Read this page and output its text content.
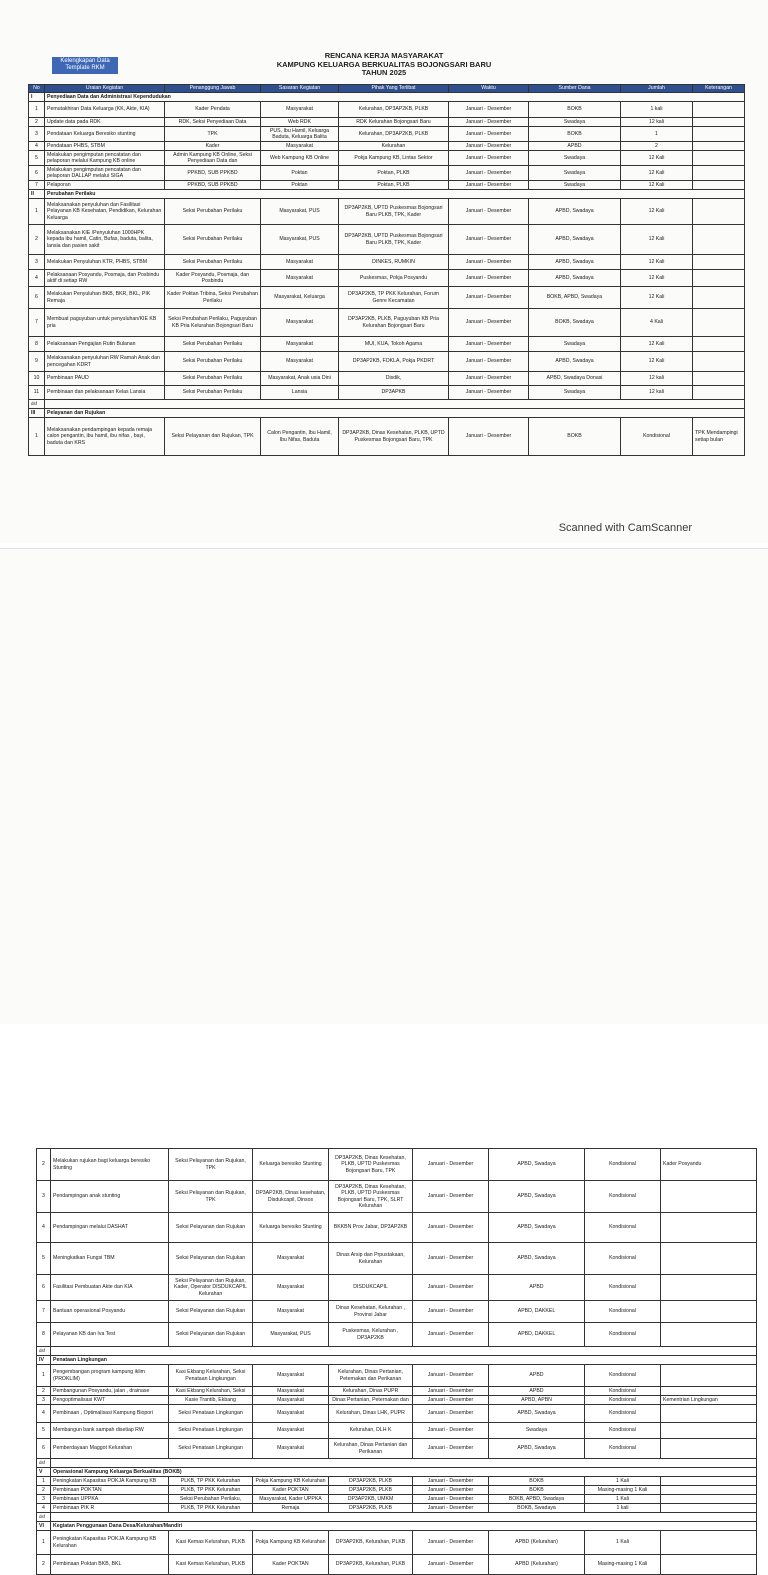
Kelengkapan Data Template RKM
RENCANA KERJA MASYARAKAT
KAMPUNG KELUARGA BERKUALITAS BOJONGSARI BARU
TAHUN 2025
No	Uraian Kegiatan	Penanggung Jawab	Sasaran Kegiatan	Pihak Yang Terlibat	Waktu	Sumber Dana	Jumlah	Keterangan
I	Penyediaan Data dan Administrasi Kependudukan							
1	Pemutakhiran Data Keluarga (KK, Akte, KIA)	Kader Pendata	Masyarakat	Kelurahan, DP3AP2KB, PLKB	Januari - Desember	BOKB	1 kali	
2	Update data pada RDK	RDK, Seksi Penyediaan Data	Web RDK	RDK Kelurahan Bojongsari Baru	Januari - Desember	Swadaya	12 kali	
3	Pendataan Keluarga Beresiko stunting	TPK	PUS, Ibu Hamil, Keluarga Baduta, Keluarga Balita	Kelurahan, DP3AP2KB, PLKB	Januari - Desember	BOKB	1	
4	Pendataan PHBS, STBM	Kader	Masyarakat	Kelurahan	Januari - Desember	APBD	2	
5	Melakukan pengimputan pencatatan dan pelaporan melalui Kampung KB online	Admin Kampung KB Online, Seksi Penyediaan Data dan	Web Kampung KB Online	Pokja Kampung KB, Lintas Sektor	Januari - Desember	Swadaya	12 Kali	
6	Melakukan pengimputan pencatatan dan pelaporan DALLAP melalui SIGA	PPKBD, SUB PPKBD	Poktan	Poktan, PLKB	Januari - Desember	Swadaya	12 Kali	
7	Pelaporan	PPKBD, SUB PPKBD	Poktan	Poktan, PLKB	Januari - Desember	Swadaya	12 Kali	
II	Perubahan Perilaku							
1	Melaksanakan penyuluhan dan Fasilitasi Pelayanan KB Kesehatan, Pendidikan, Kelurahan Keluarga	Seksi Perubahan Perilaku	Masyarakat, PUS	DP3AP2KB, UPTD Puskesmas Bojongsari Baru PLKB, TPK, Kader	Januari - Desember	APBD, Swadaya	12 Kali	
2	Melaksanakan KIE /Penyuluhan 1000HPK kepada ibu hamil, Catin, Bufas, baduta, balita, lansia dan pasien sakit	Seksi Perubahan Perilaku	Masyarakat, PUS	DP3AP2KB, UPTD Puskesmas Bojongsari Baru PLKB, TPK, Kader	Januari - Desember	APBD, Swadaya	12 Kali	
3	Melakukan Penyuluhan KTR, PHBS, STBM	Seksi Perubahan Perilaku	Masyarakat	DINKES, RUMKIN	Januari - Desember	APBD, Swadaya	12 Kali	
4	Pelaksanaan Posyandu, Posmaja, dan Posbindu aktif di setiap RW	Kader Posyandu, Posmaja, dan Posbindu	Masyarakat	Puskesmas, Pokja Posyandu	Januari - Desember	APBD, Swadaya	12 Kali	
6	Melakukan Penyuluhan BKB, BKR, BKL, PIK Remaja	Kader Poktan Tribina, Seksi Perubahan Perilaku	Masyarakat, Keluarga	DP3AP2KB, TP PKK Kelurahan, Forum Genre Kecamatan	Januari - Desember	BOKB, APBD, Swadaya	12 Kali	
7	Membuat paguyuban untuk penyuluhan/KIE KB pria	Seksi Perubahan Perilaku, Paguyuban KB Pria Kelurahan Bojongsari Baru	Masyarakat	DP3AP2KB, PLKB, Paguyuban KB Pria Kelurahan Bojongsari Baru	Januari - Desember	BOKB, Swadaya	4 Kali	
8	Pelaksanaan Pengajian Rutin Bulanan	Seksi Perubahan Perilaku	Masyarakat	MUI, KUA, Tokoh Agama	Januari - Desember	Swadaya	12 Kali	
9	Melaksanakan penyuluhan RW Ramah Anak dan pencegahan KDRT	Seksi Perubahan Perilaku	Masyarakat	DP3AP2KB, FOKLA, Pokja PKDRT	Januari - Desember	APBD, Swadaya	12 Kali	
10	Pembinaan PAUD	Seksi Perubahan Perilaku	Masyarakat, Anak usia Dini	Disdik,	Januari - Desember	APBD, Swadaya Donasi	12 kali	
11	Pembinaan dan pelaksanaan Kelas Lansia	Seksi Perubahan Perilaku	Lansia	DP3APKB	Januari - Desember	Swadaya	12 kali	
dsf								
III	Pelayanan dan Rujukan							
1	Melaksanakan pendampingan kepada remaja calon pengantin, ibu hamil, ibu nifas , bayi, baduta dan KRS	Seksi Pelayanan dan Rujukan, TPK	Calon Pengantin, Ibu Hamil, Ibu Nifas, Baduta	DP3AP2KB, Dinas Kesehatan, PLKB, UPTD Puskesmas Bojongsari Baru, TPK	Januari - Desember	BOKB	Kondisional	TPK Mendampingi setiap bulan
Scanned with CamScanner
2	Melakukan rujukan bagi keluarga beresiko Stunting	Seksi Pelayanan dan Rujukan, TPK	Keluarga beresiko Stunting	DP3AP2KB, Dinas Kesehatan, PLKB, UPTD Puskesmas Bojongsari Baru, TPK	Januari - Desember	APBD, Swadaya	Kondisional	Kader Posyandu
3	Pendampingan anak stunting	Seksi Pelayanan dan Rujukan, TPK	DP3AP2KB, Dinas kesehatan, Disdukcapil, Dinsos	DP3AP2KB, Dinas Kesehatan, PLKB, UPTD Puskesmas Bojongsari Baru, TPK, SLRT Kelurahan	Januari - Desember	APBD, Swadaya	Kondisional	
4	Pendampingan melalui DASHAT	Seksi Pelayanan dan Rujukan	Keluarga beresiko Stunting	BKKBN Prov Jabar, DP3AP2KB	Januari - Desember	APBD, Swadaya	Kondisional	
5	Meningkatkan Fungsi TBM	Seksi Pelayanan dan Rujukan	Masyarakat	Dinas Arsip dan Prpustakaan, Kelurahan	Januari - Desember	APBD, Swadaya	Kondisional	
6	Fasilitasi Pembuatan Akte dan KIA	Seksi Pelayanan dan Rujukan, Kader, Operator DISDUKCAPIL Kelurahan	Masyarakat	DISDUKCAPIL	Januari - Desember	APBD	Kondisional	
7	Bantuan operasional Posyandu	Seksi Pelayanan dan Rujukan	Masyarakat	Dinas Kesehatan, Kelurahan , Provinsi Jabar	Januari - Desember	APBD, DAKKEL	Kondisional	
8	Pelayanan KB dan Iva Test	Seksi Pelayanan dan Rujukan	Masyarakat, PUS	Puskesmas, Kelurahan , DP3AP2KB	Januari - Desember	APBD, DAKKEL	Kondisional	
dsf								
IV	Penataan Lingkungan							
1	Pengembangan program kampung iklim (PROKLIM)	Kasi Ekbang Kelurahan, Seksi Penataan Lingkungan	Masyarakat	Kelurahan, Dinas Pertanian, Peternakan dan Perikanan	Januari - Desember	APBD	Kondisional	
2	Pembangunan Posyandu, jalan , drainase	Kasi Ekbang Kelurahan, Seksi	Masyarakat	Kelurahan, Dinas PUPR	Januari - Desember	APBD	Kondisional	
3	Pengoptimalisasi KWT	Kasie Trantib, Ekbang	Masyarakat	Dinas Pertanian, Peternakan dan	Januari - Desember	APBD, APBN	Kondisional	Kementrian Lingkungan
4	Pembinaan , Optimalisasi Kampung Biopori	Seksi Penataan Lingkungan	Masyarakat	Kelurahan, Dinas LHK, PUPR	Januari - Desember	APBD, Swadaya	Kondisional	
5	Membangun bank sampah disetiap RW	Seksi Penataan Lingkungan	Masyarakat	Kelurahan, DLH K	Januari - Desember	Swadaya	Kondisional	
6	Pemberdayaan Maggot Kelurahan	Seksi Penataan Lingkungan	Masyarakat	Kelurahan, Dinas Pertanian dan Perikanan	Januari - Desember	APBD, Swadaya	Kondisional	
dsf								
V	Operasional Kampung Keluarga Berkualitas (BOKB)							
1	Peningkatan Kapasitas POKJA Kampung KB	PLKB, TP PKK Kelurahan	Pokja Kampung KB Kelurahan	DP3AP2KB, PLKB	Januari - Desember	BOKB	1 Kali	
2	Pembinaan POKTAN	PLKB, TP PKK Kelurahan	Kader POKTAN	DP3AP2KB, PLKB	Januari - Desember	BOKB	Masing-masing 1 Kali	
3	Pembinaan UPPKA	Seksi Perubahan Perilaku,	Masyarakat, Kader UPPKA	DP3AP2KB, UMKM	Januari - Desember	BOKB, APBD, Swadaya	1 Kali	
4	Pembinaan PIK R	PLKB, TP PKK Kelurahan	Remaja	DP3AP2KB, PLKB	Januari - Desember	BOKB, Swadaya	1 kali	
dsf								
VI	Kegiatan Penggunaan Dana Desa/Kelurahan/Mandiri							
1	Peningkatan Kapasitas POKJA Kampung KB Kelurahan	Kasi Kemas Kelurahan, PLKB	Pokja Kampung KB Kelurahan	DP3AP2KB, Kelurahan, PLKB	Januari - Desember	APBD (Kelurahan)	1 Kali	
2	Pembinaan Poktan BKB, BKL	Kasi Kemas Kelurahan, PLKB	Kader POKTAN	DP3AP2KB, Kelurahan, PLKB	Januari - Desember	APBD (Kelurahan)	Masing-masing 1 Kali	
